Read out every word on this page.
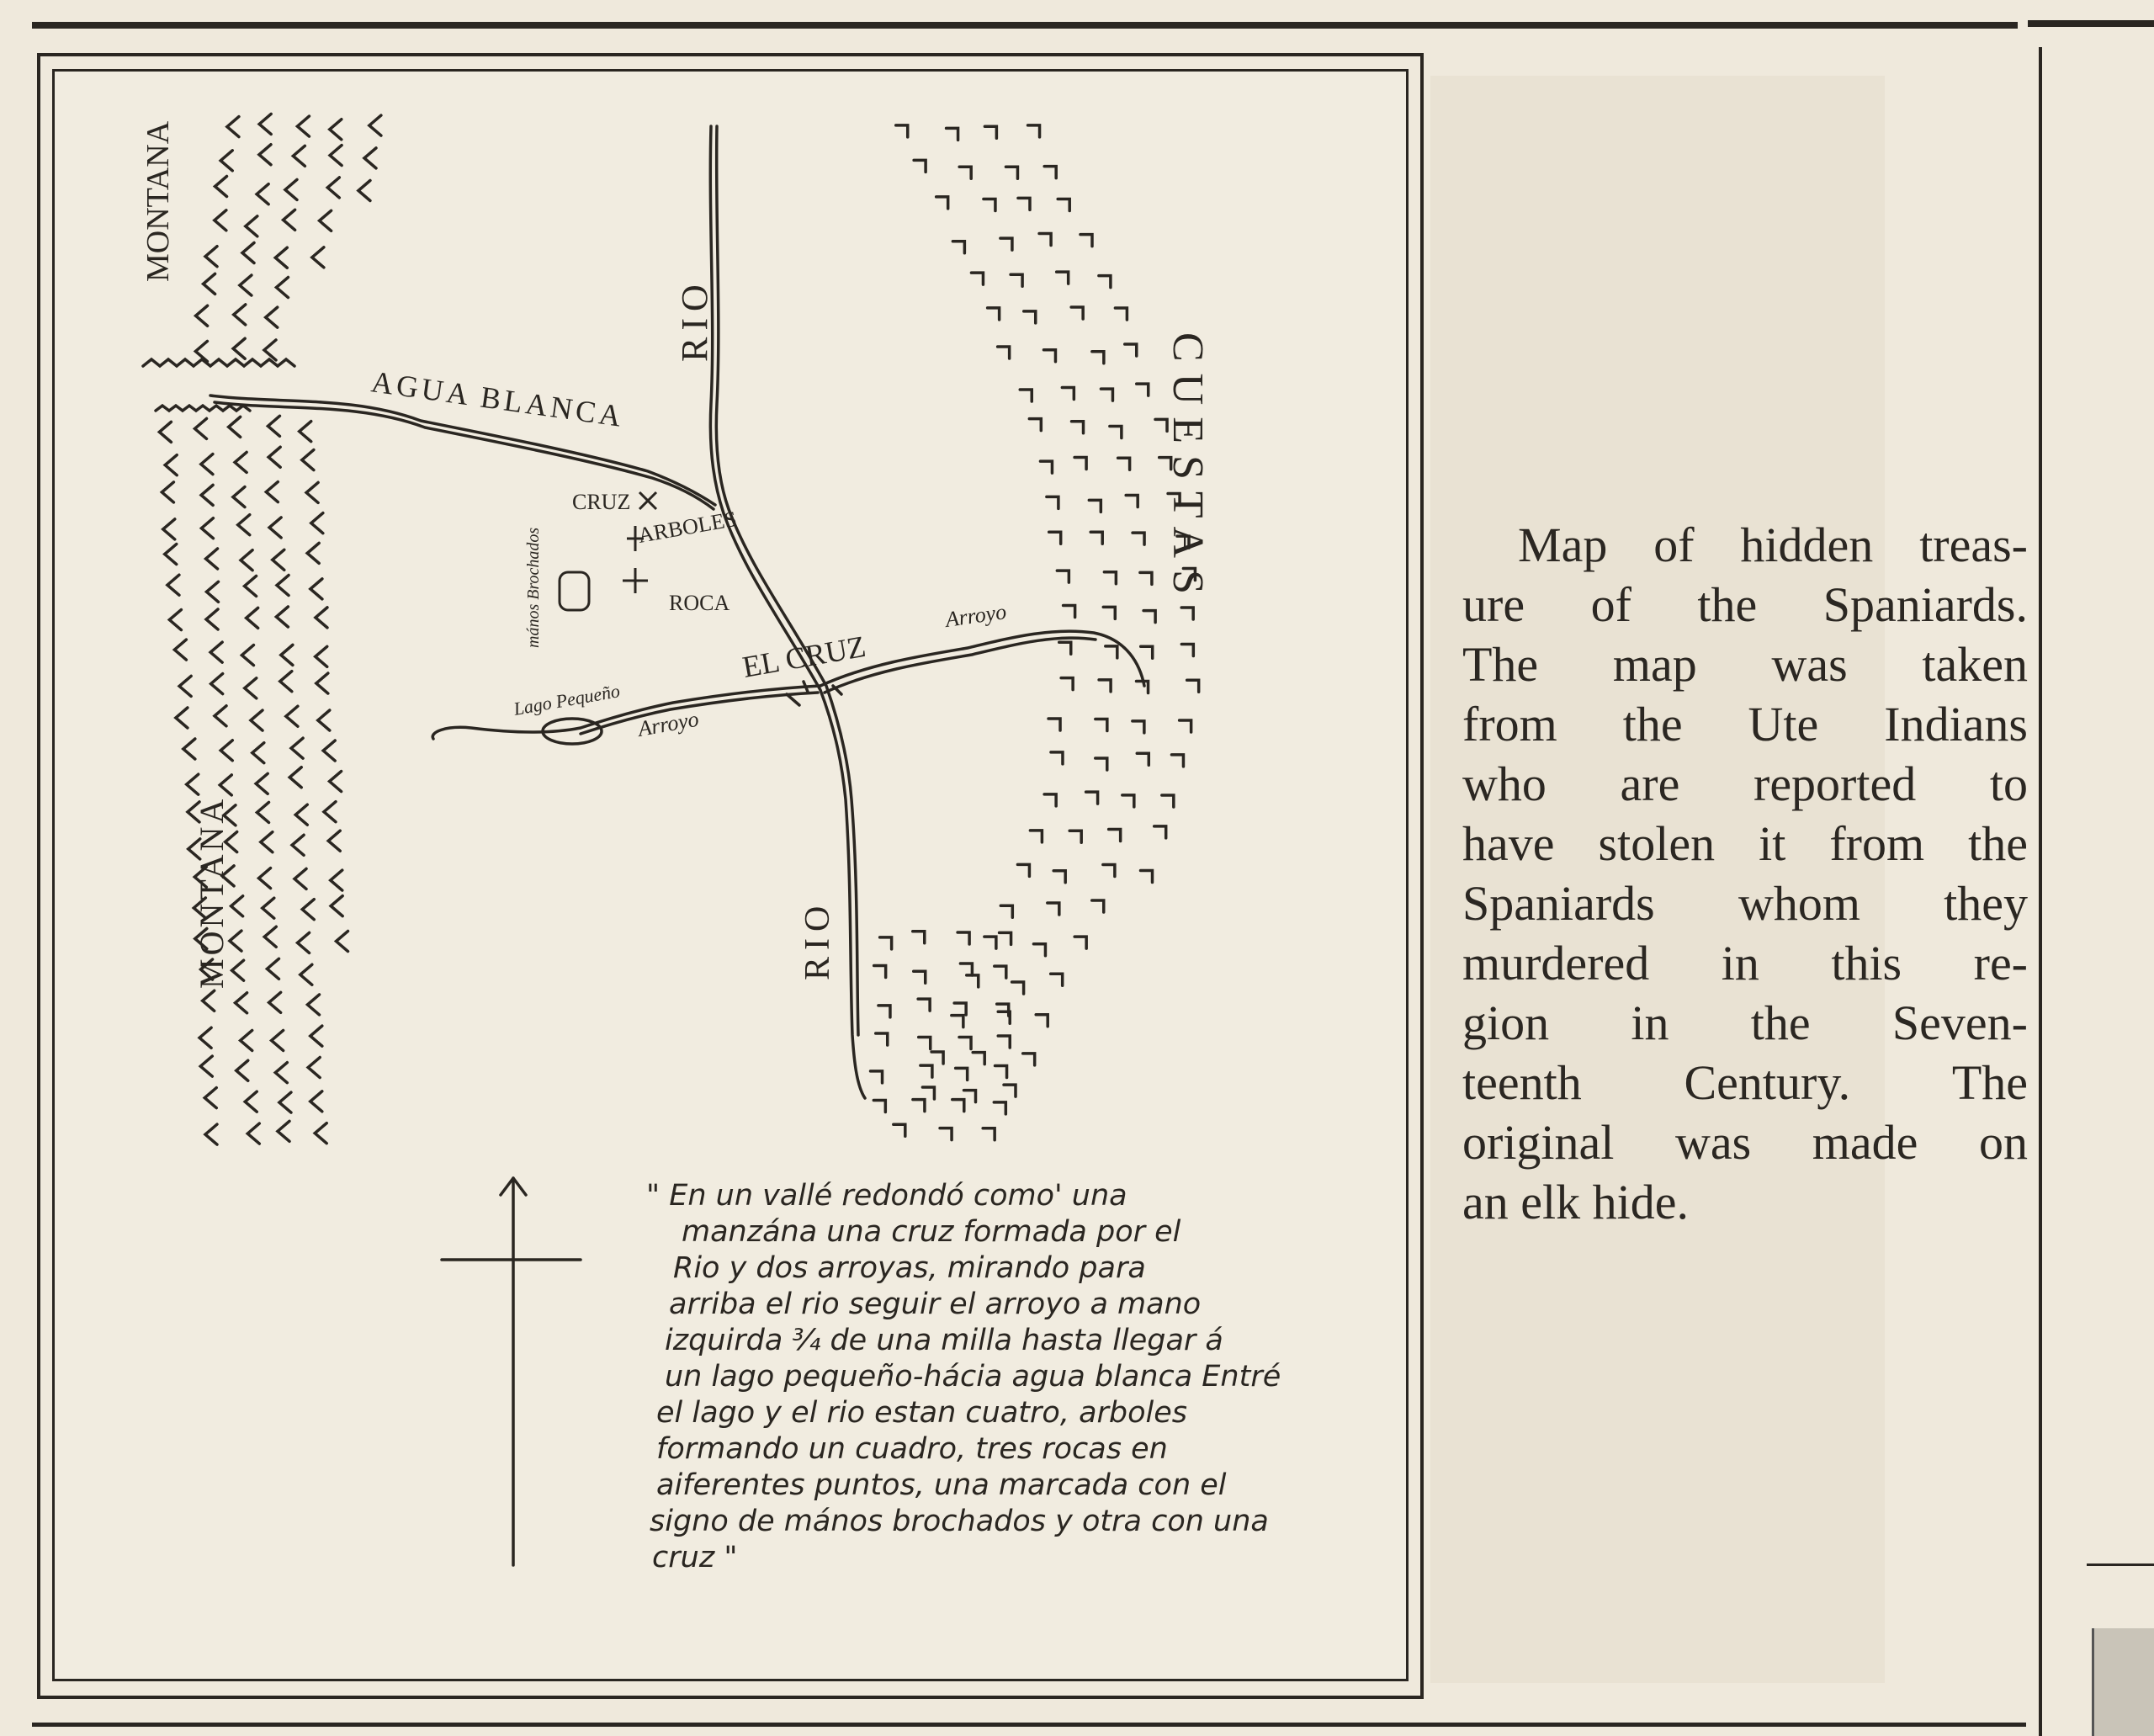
MONTANA
MONTANA
RIO
RIO
AGUA BLANCA	CUESTAS
CRUZ
ARBOLES
ROCA
mános Brochados
EL CRUZ
Arroyo
Arroyo
Lago Pequeño
" En un vallé redondó como' una
manzána una cruz formada por el
Rio y dos arroyas, mirando para
arriba el rio seguir el arroyo a mano
izquirda ¾ de una milla hasta llegar á
un lago pequeño-hácia agua blanca Entré
el lago y el rio estan cuatro, arboles
formando un cuadro, tres rocas en
aiferentes puntos, una marcada con el
signo de mános brochados y otra con una
cruz "
Map of hidden treas-
ure of the Spaniards.
The map was taken
from the Ute Indians
who are reported to
have stolen it from the
Spaniards whom they
murdered in this re-
gion in the Seven-
teenth Century. The
original was made on
an elk hide.
